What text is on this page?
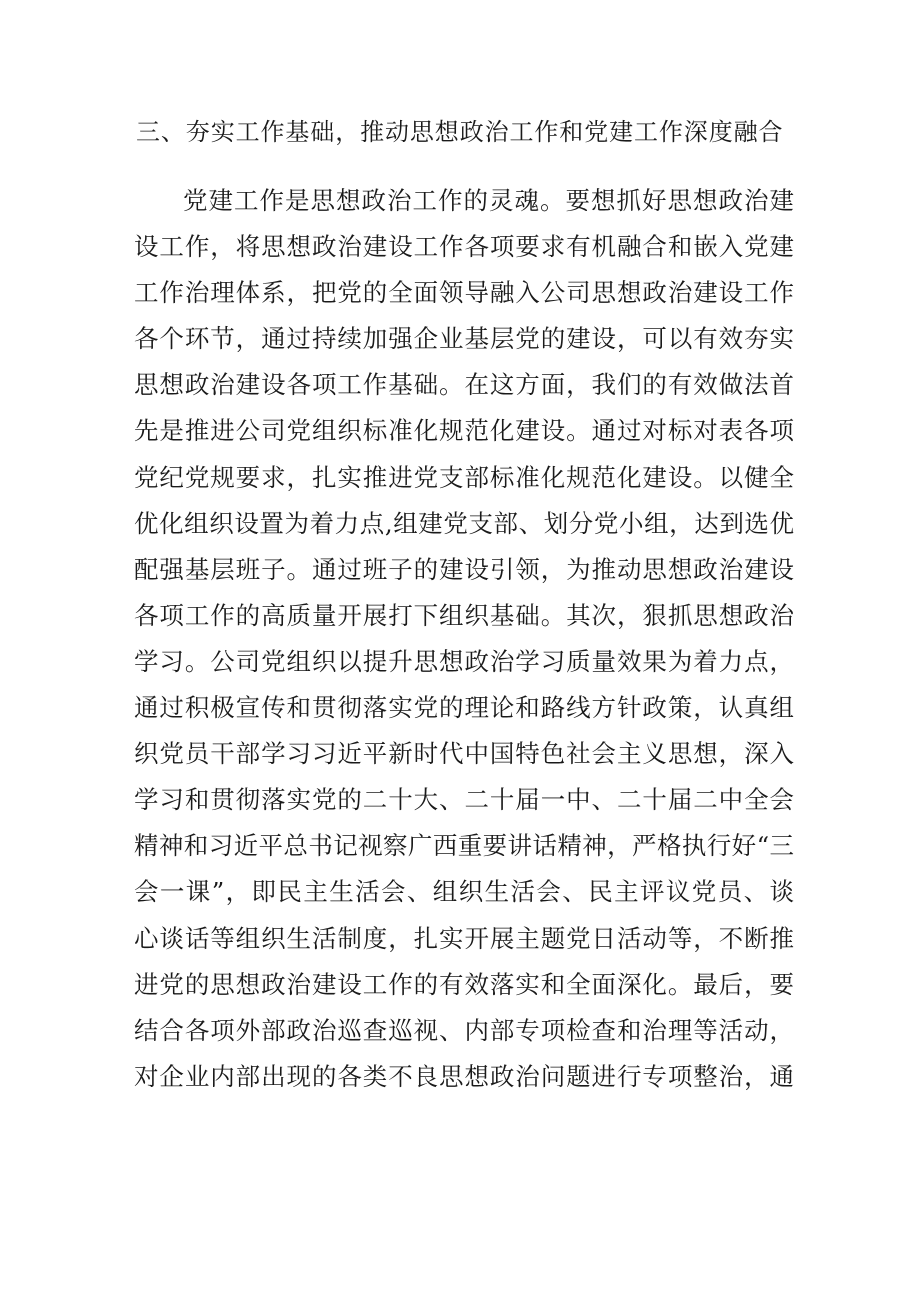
三、夯实工作基础，推动思想政治工作和党建工作深度融合
党建工作是思想政治工作的灵魂。要想抓好思想政治建
设工作，将思想政治建设工作各项要求有机融合和嵌入党建
工作治理体系，把党的全面领导融入公司思想政治建设工作
各个环节，通过持续加强企业基层党的建设，可以有效夯实
思想政治建设各项工作基础。在这方面，我们的有效做法首
先是推进公司党组织标准化规范化建设。通过对标对表各项
党纪党规要求，扎实推进党支部标准化规范化建设。以健全
优化组织设置为着力点,组建党支部、划分党小组，达到选优
配强基层班子。通过班子的建设引领，为推动思想政治建设
各项工作的高质量开展打下组织基础。其次，狠抓思想政治
学习。公司党组织以提升思想政治学习质量效果为着力点，
通过积极宣传和贯彻落实党的理论和路线方针政策，认真组
织党员干部学习习近平新时代中国特色社会主义思想，深入
学习和贯彻落实党的二十大、二十届一中、二十届二中全会
精神和习近平总书记视察广西重要讲话精神，严格执行好“三
会一课”，即民主生活会、组织生活会、民主评议党员、谈
心谈话等组织生活制度，扎实开展主题党日活动等，不断推
进党的思想政治建设工作的有效落实和全面深化。最后，要
结合各项外部政治巡查巡视、内部专项检查和治理等活动，
对企业内部出现的各类不良思想政治问题进行专项整治，通
